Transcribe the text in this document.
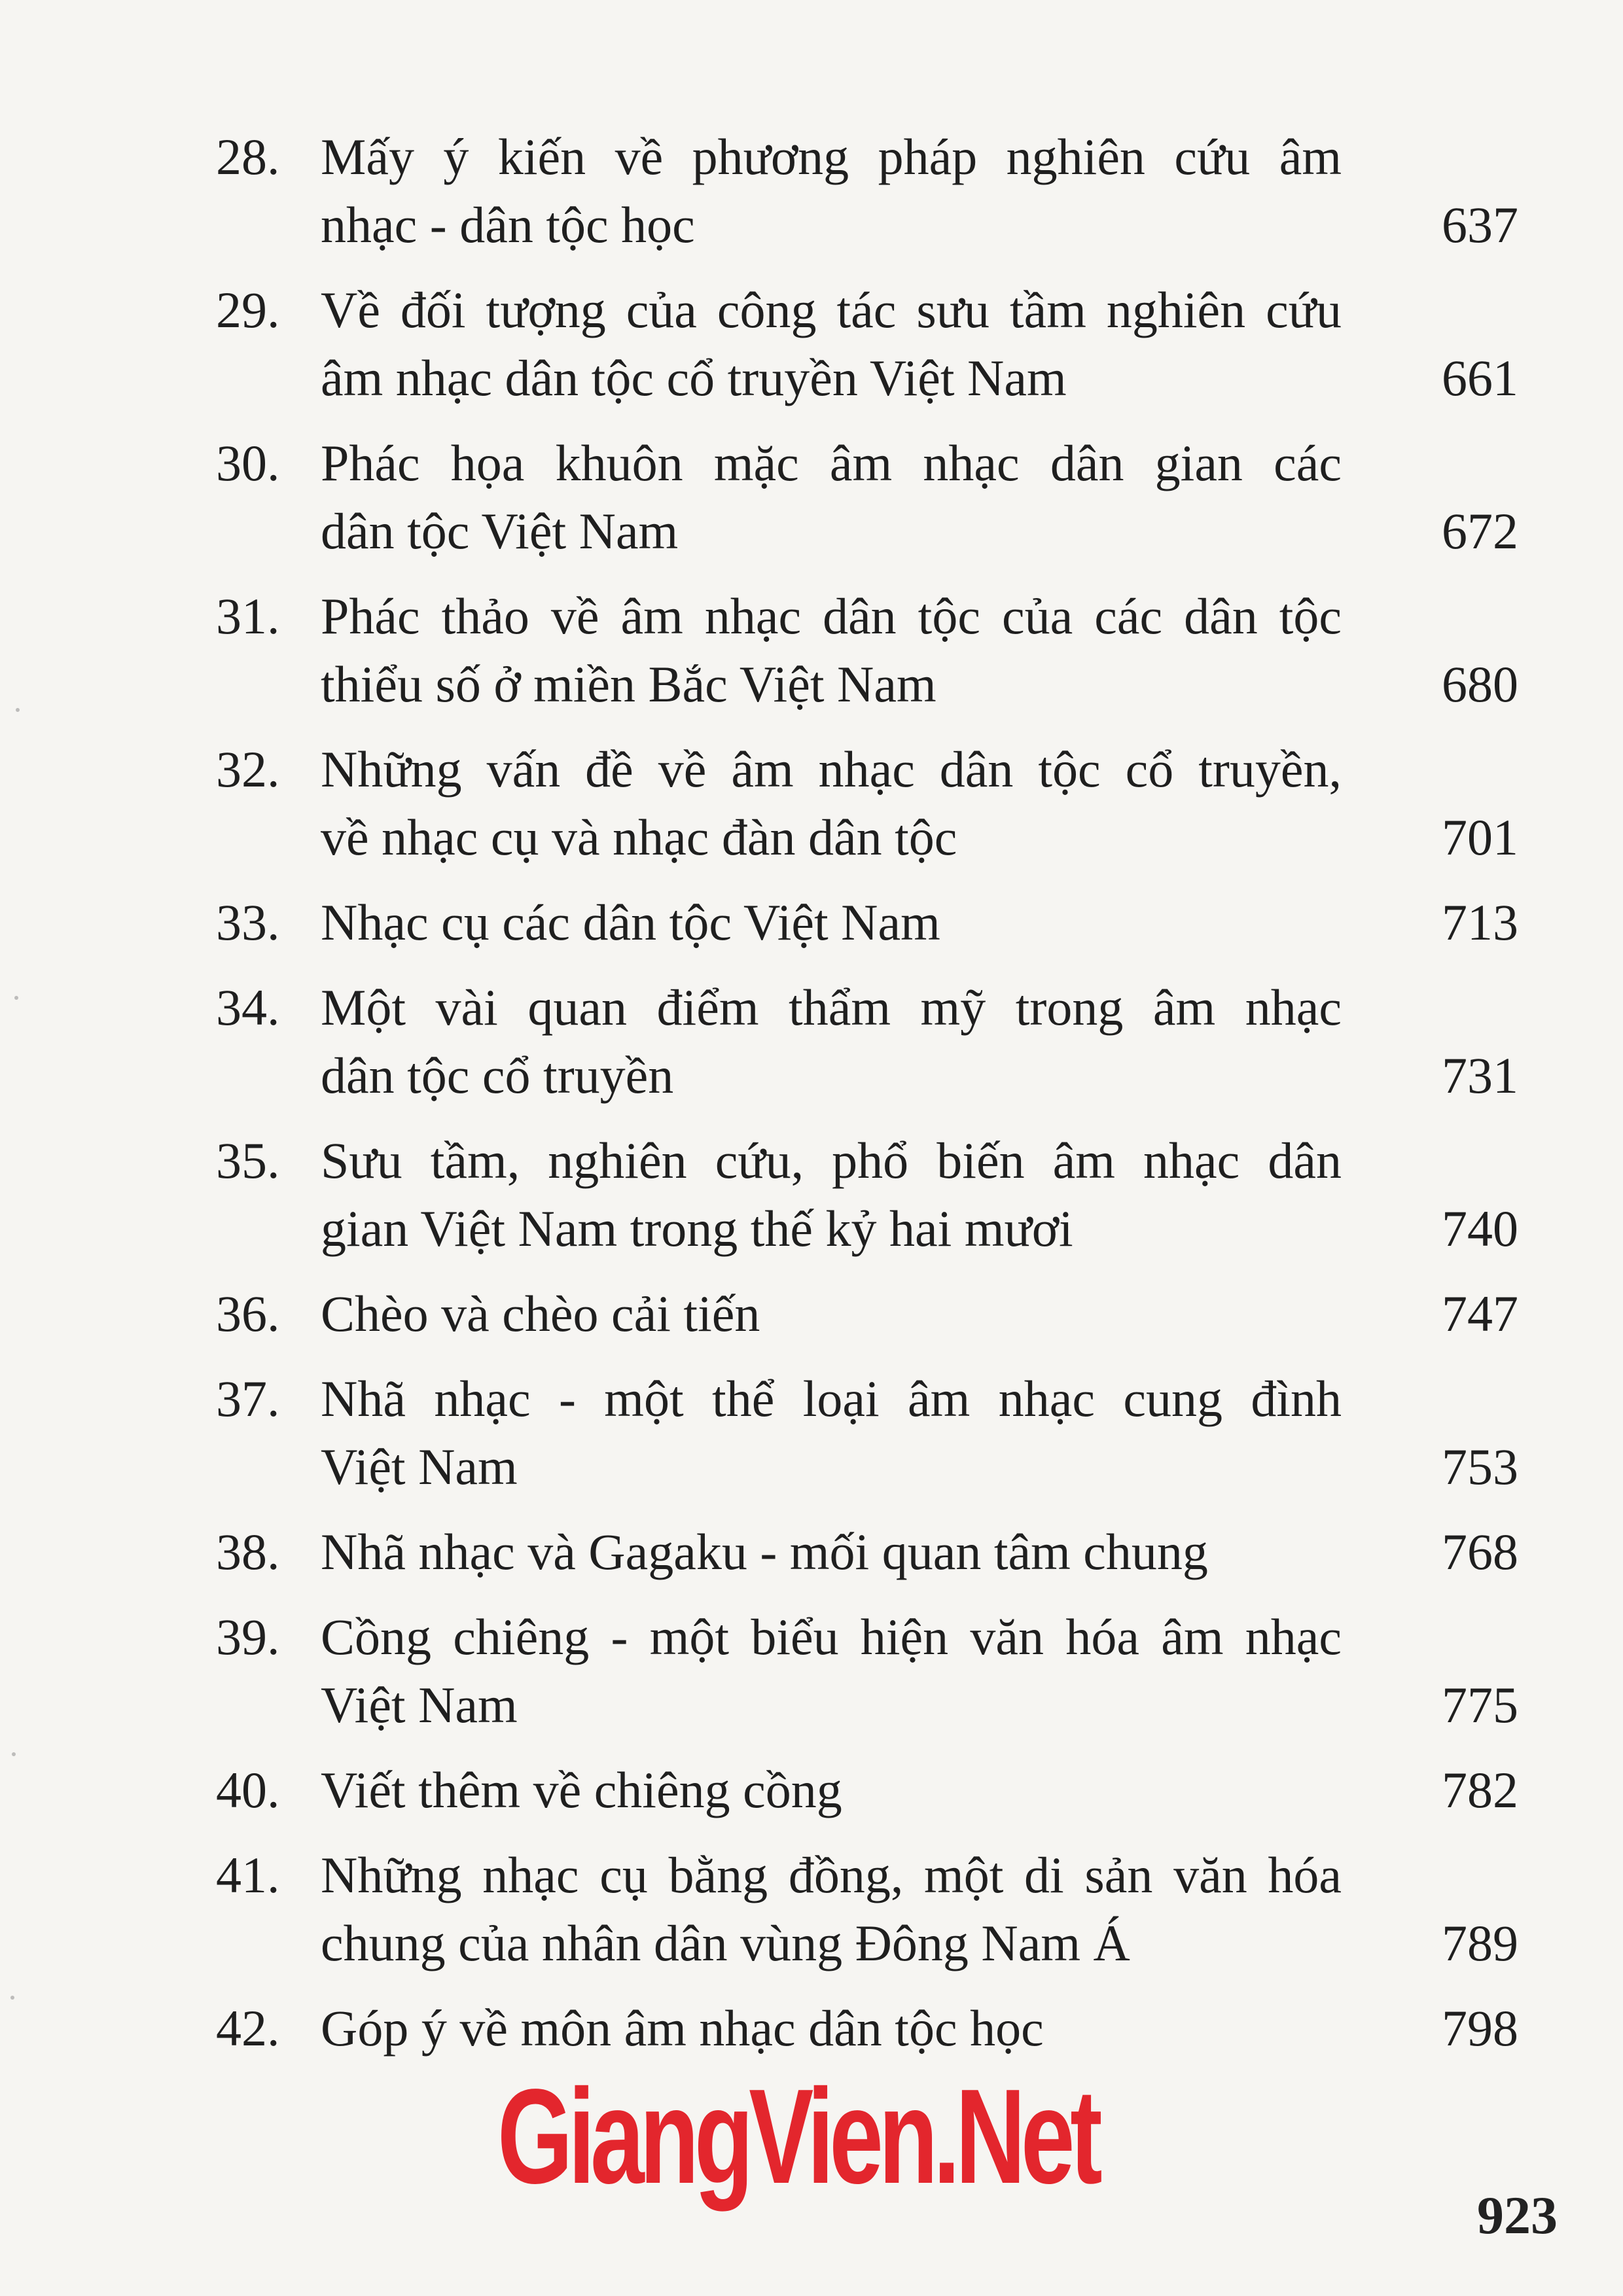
28. Mấy ý kiến về phương pháp nghiên cứu âm
nhạc - dân tộc học	637
29. Về đối tượng của công tác sưu tầm nghiên cứu
âm nhạc dân tộc cổ truyền Việt Nam	661
30. Phác họa khuôn mặc âm nhạc dân gian các
dân tộc Việt Nam	672
31. Phác thảo về âm nhạc dân tộc của các dân tộc
thiểu số ở miền Bắc Việt Nam	680
32. Những vấn đề về âm nhạc dân tộc cổ truyền,
về nhạc cụ và nhạc đàn dân tộc	701
33. Nhạc cụ các dân tộc Việt Nam	713
34. Một vài quan điểm thẩm mỹ trong âm nhạc
dân tộc cổ truyền	731
35. Sưu tầm, nghiên cứu, phổ biến âm nhạc dân
gian Việt Nam trong thế kỷ hai mươi	740
36. Chèo và chèo cải tiến	747
37. Nhã nhạc - một thể loại âm nhạc cung đình
Việt Nam	753
38. Nhã nhạc và Gagaku - mối quan tâm chung	768
39. Cồng chiêng - một biểu hiện văn hóa âm nhạc
Việt Nam	775
40. Viết thêm về chiêng cồng	782
41. Những nhạc cụ bằng đồng, một di sản văn hóa
chung của nhân dân vùng Đông Nam Á	789
42. Góp ý về môn âm nhạc dân tộc học	798
GiangVien.Net
923
